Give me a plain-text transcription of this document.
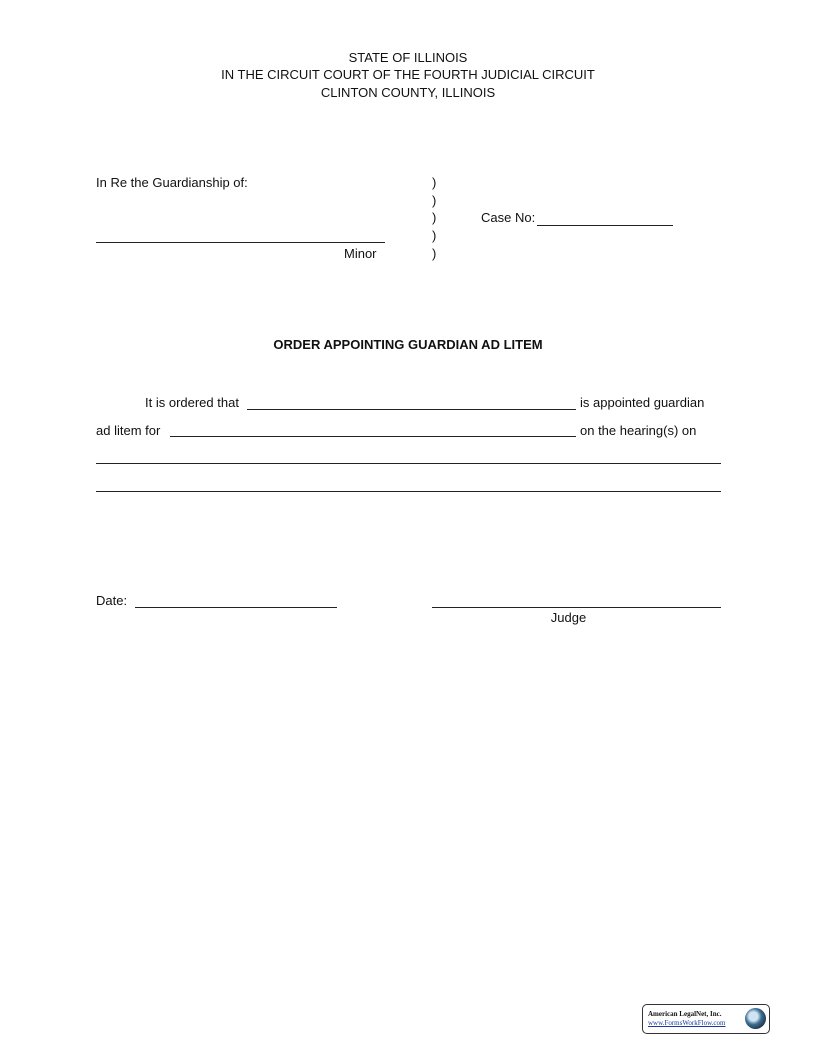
STATE OF ILLINOIS
IN THE CIRCUIT COURT OF THE FOURTH JUDICIAL CIRCUIT
CLINTON COUNTY, ILLINOIS
In Re the Guardianship of:
Minor
)
)
)
)
)
Case No:
ORDER APPOINTING GUARDIAN AD LITEM
It is ordered that	is appointed guardian
ad litem for	on the hearing(s) on
Date:
Judge
American LegalNet, Inc.
www.FormsWorkFlow.com
